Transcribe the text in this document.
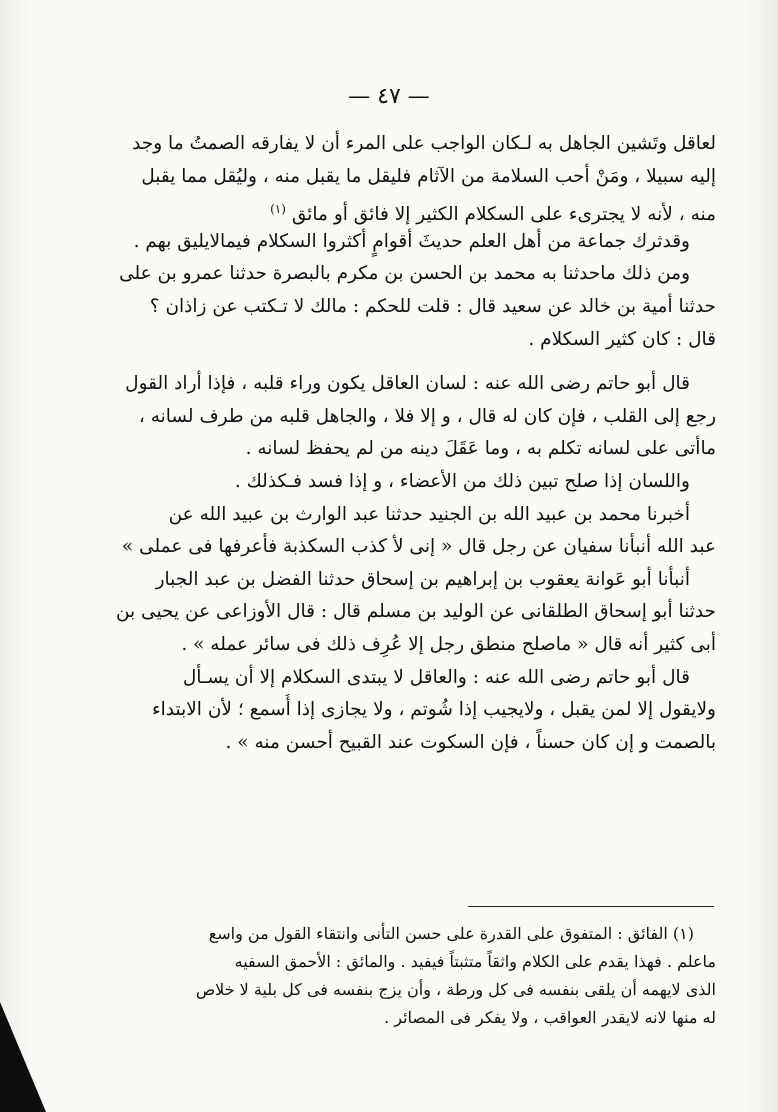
— ٤٧ —
لعاقل وتَشين الجاهل به لـكان الواجب على المرء أن لا يفارقه الصمتُ ما وجد
إليه سبيلا ، ومَنْ أحب السلامة من الآثام فليقل ما يقبل منه ، وليُقل مما يقبل
منه ، لأنه لا يجترىء على السكلام الكثير إلا فائق أو مائق $^{(١)}$
وقدثرك جماعة من أهل العلم حديثَ أقوامٍ أكثروا السكلام فيمالايليق بهم .
ومن ذلك ماحدثنا به محمد بن الحسن بن مكرم بالبصرة حدثنا عمرو بن على
حدثنا أمية بن خالد عن سعيد قال : قلت للحكم : مالك لا تـكتب عن زاذان ؟
قال : كان كثير السكلام .
قال أبو حاتم رضى الله عنه : لسان العاقل يكون وراء قلبه ، فإذا أراد القول
رجع إلى القلب ، فإن كان له قال ، و إلا فلا ، والجاهل قلبه من طرف لسانه ،
ماأتى على لسانه تكلم به ، وما عَقَلَ دينه من لم يحفظ لسانه .
واللسان إذا صلح تبين ذلك من الأعضاء ، و إذا فسد فـكذلك .
أخبرنا محمد بن عبيد الله بن الجنيد حدثنا عبد الوارث بن عبيد الله عن
عبد الله أنبأنا سفيان عن رجل قال « إنى لأ كذب السكذبة فأعرفها فى عملى »
أنبأنا أبو عَوانة يعقوب بن إبراهيم بن إسحاق حدثنا الفضل بن عبد الجبار
حدثنا أبو إسحاق الطلقانى عن الوليد بن مسلم قال : قال الأوزاعى عن يحيى بن
أبى كثير أنه قال « ماصلح منطق رجل إلا عُرِف ذلك فى سائر عمله » .
قال أبو حاتم رضى الله عنه : والعاقل لا يبتدى السكلام إلا أن يسـأل
ولايقول إلا لمن يقبل ، ولايجيب إذا شُوتم ، ولا يجازى إذا أُسمع ؛ لأن الابتداء
بالصمت و إن كان حسناً ، فإن السكوت عند القبيح أحسن منه » .
(١) الفائق : المتفوق على القدرة على حسن التأنى وانتقاء القول من واسع
ماعلم . فهذا يقدم على الكلام واثقاً متثبتاً فيفيد . والمائق : الأحمق السفيه
الذى لايهمه أن يلقى بنفسه فى كل ورطة ، وأن يزج بنفسه فى كل بلية لا خلاص
له منها لانه لايقدر العواقب ، ولا يفكر فى المصائر .
